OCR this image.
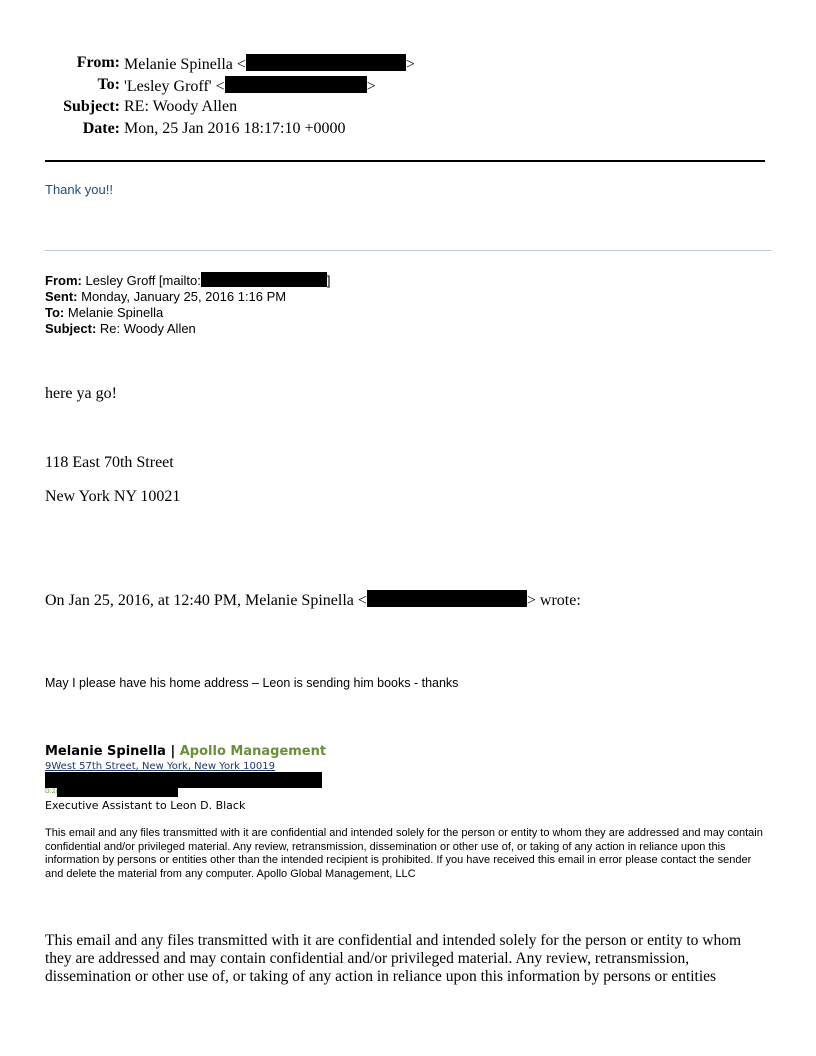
From: Melanie Spinella <	>
To: 'Lesley Groff' <	>
Subject: RE: Woody Allen
Date: Mon, 25 Jan 2016 18:17:10 +0000
Thank you!!
From: Lesley Groff [mailto:	]
Sent: Monday, January 25, 2016 1:16 PM
To: Melanie Spinella
Subject: Re: Woody Allen
here ya go!
118 East 70th Street
New York NY 10021
On Jan 25, 2016, at 12:40 PM, Melanie Spinella <	> wrote:
May I please have his home address – Leon is sending him books - thanks
Melanie Spinella | Apollo Management
9West 57th Street, New York, New York 10019
$^{D:2/}$
Executive Assistant to Leon D. Black
This email and any files transmitted with it are confidential and intended solely for the person or entity to whom they are addressed and may contain confidential and/or privileged material. Any review, retransmission, dissemination or other use of, or taking of any action in reliance upon this information by persons or entities other than the intended recipient is prohibited. If you have received this email in error please contact the sender and delete the material from any computer. Apollo Global Management, LLC
This email and any files transmitted with it are confidential and intended solely for the person or entity to whom they are addressed and may contain confidential and/or privileged material. Any review, retransmission, dissemination or other use of, or taking of any action in reliance upon this information by persons or entities
